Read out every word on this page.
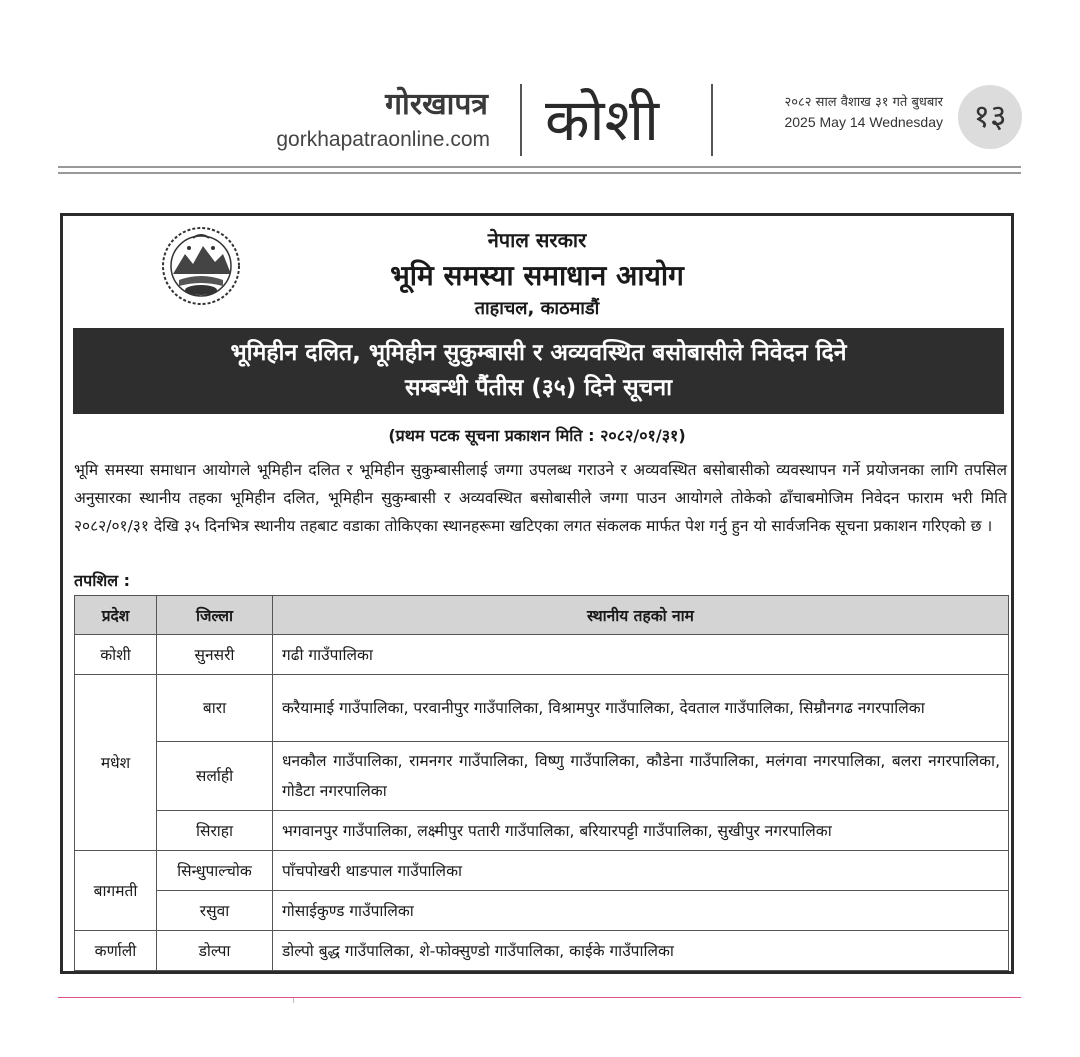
गोरखापत्र
gorkhapatraonline.com कोशी	२०८२ साल वैशाख ३१ गते बुधबार
2025 May 14 Wednesday १३
नेपाल सरकार
भूमि समस्या समाधान आयोग
ताहाचल, काठमाडौं
भूमिहीन दलित, भूमिहीन सुकुम्बासी र अव्यवस्थित बसोबासीले निवेदन दिने
सम्बन्धी पैंतीस (३५) दिने सूचना
(प्रथम पटक सूचना प्रकाशन मिति : २०८२/०१/३१)
भूमि समस्या समाधान आयोगले भूमिहीन दलित र भूमिहीन सुकुम्बासीलाई जग्गा उपलब्ध गराउने र अव्यवस्थित बसोबासीको व्यवस्थापन गर्ने प्रयोजनका लागि तपसिल अनुसारका स्थानीय तहका भूमिहीन दलित, भूमिहीन सुकुम्बासी र अव्यवस्थित बसोबासीले जग्गा पाउन आयोगले तोकेको ढाँचाबमोजिम निवेदन फाराम भरी मिति २०८२/०१/३१ देखि ३५ दिनभित्र स्थानीय तहबाट वडाका तोकिएका स्थानहरूमा खटिएका लगत संकलक मार्फत पेश गर्नु हुन यो सार्वजनिक सूचना प्रकाशन गरिएको छ ।
तपशिल :
प्रदेश	जिल्ला	स्थानीय तहको नाम
कोशी	सुनसरी	गढी गाउँपालिका
मधेश	बारा	करैयामाई गाउँपालिका, परवानीपुर गाउँपालिका, विश्रामपुर गाउँपालिका, देवताल गाउँपालिका, सिम्रौनगढ नगरपालिका
	सर्लाही	धनकौल गाउँपालिका, रामनगर गाउँपालिका, विष्णु गाउँपालिका, कौडेना गाउँपालिका, मलंगवा नगरपालिका, बलरा नगरपालिका, गोडैटा नगरपालिका
	सिराहा	भगवानपुर गाउँपालिका, लक्ष्मीपुर पतारी गाउँपालिका, बरियारपट्टी गाउँपालिका, सुखीपुर नगरपालिका
बागमती	सिन्धुपाल्चोक	पाँचपोखरी थाङपाल गाउँपालिका
	रसुवा	गोसाईकुण्ड गाउँपालिका
कर्णाली	डोल्पा	डोल्पो बुद्ध गाउँपालिका, शे-फोक्सुण्डो गाउँपालिका, काईके गाउँपालिका
